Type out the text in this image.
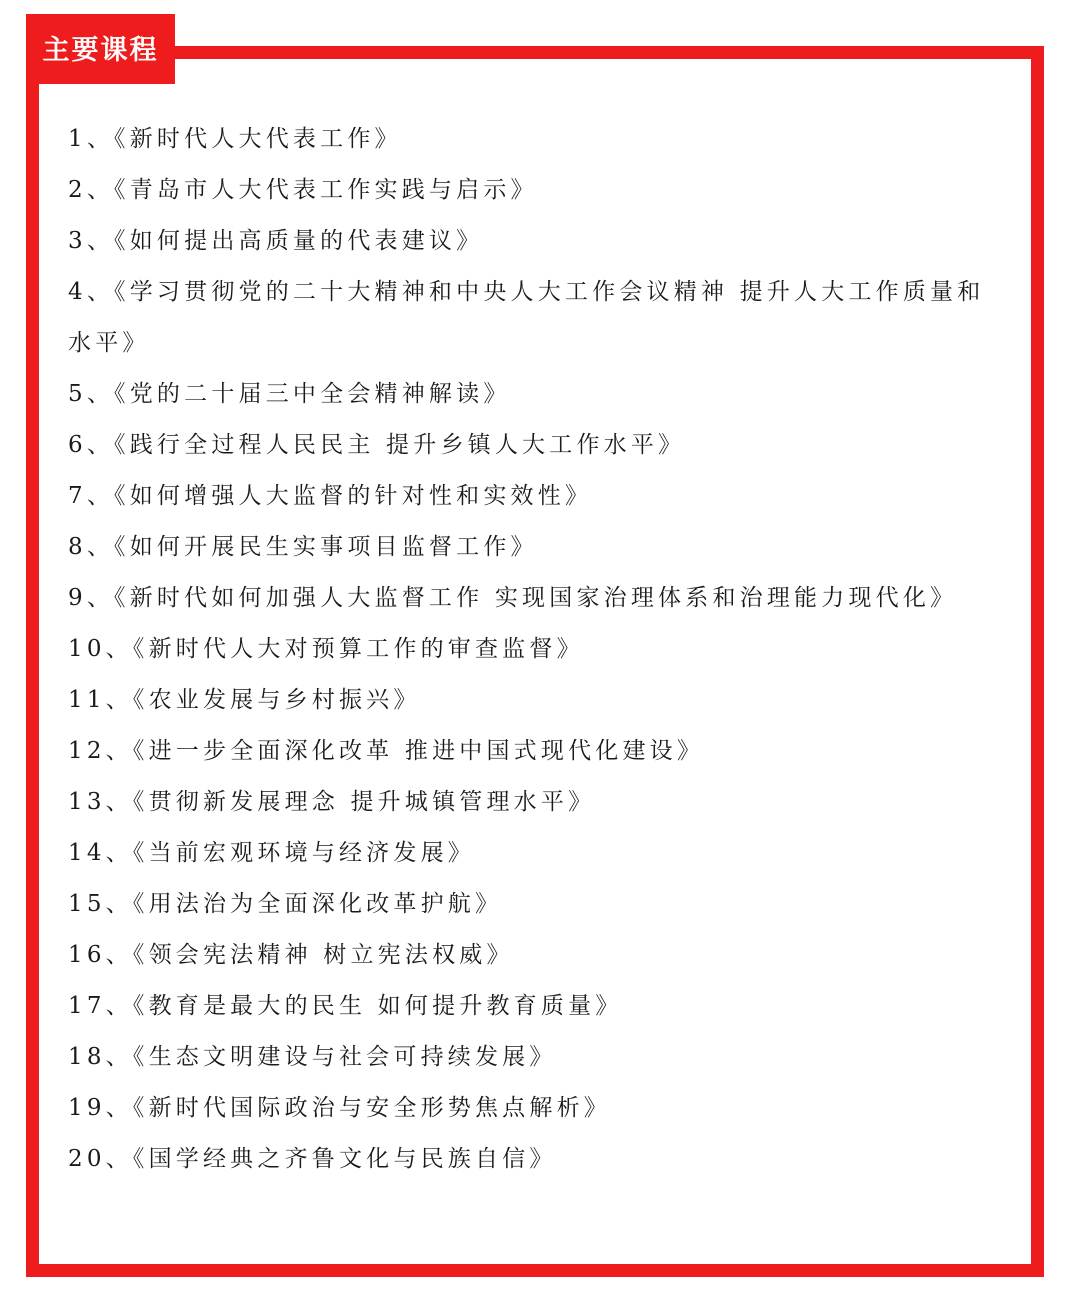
主要课程
1、《新时代人大代表工作》
2、《青岛市人大代表工作实践与启示》
3、《如何提出高质量的代表建议》
4、《学习贯彻党的二十大精神和中央人大工作会议精神 提升人大工作质量和水平》
5、《党的二十届三中全会精神解读》
6、《践行全过程人民民主 提升乡镇人大工作水平》
7、《如何增强人大监督的针对性和实效性》
8、《如何开展民生实事项目监督工作》
9、《新时代如何加强人大监督工作 实现国家治理体系和治理能力现代化》
10、《新时代人大对预算工作的审查监督》
11、《农业发展与乡村振兴》
12、《进一步全面深化改革 推进中国式现代化建设》
13、《贯彻新发展理念 提升城镇管理水平》
14、《当前宏观环境与经济发展》
15、《用法治为全面深化改革护航》
16、《领会宪法精神 树立宪法权威》
17、《教育是最大的民生 如何提升教育质量》
18、《生态文明建设与社会可持续发展》
19、《新时代国际政治与安全形势焦点解析》
20、《国学经典之齐鲁文化与民族自信》
